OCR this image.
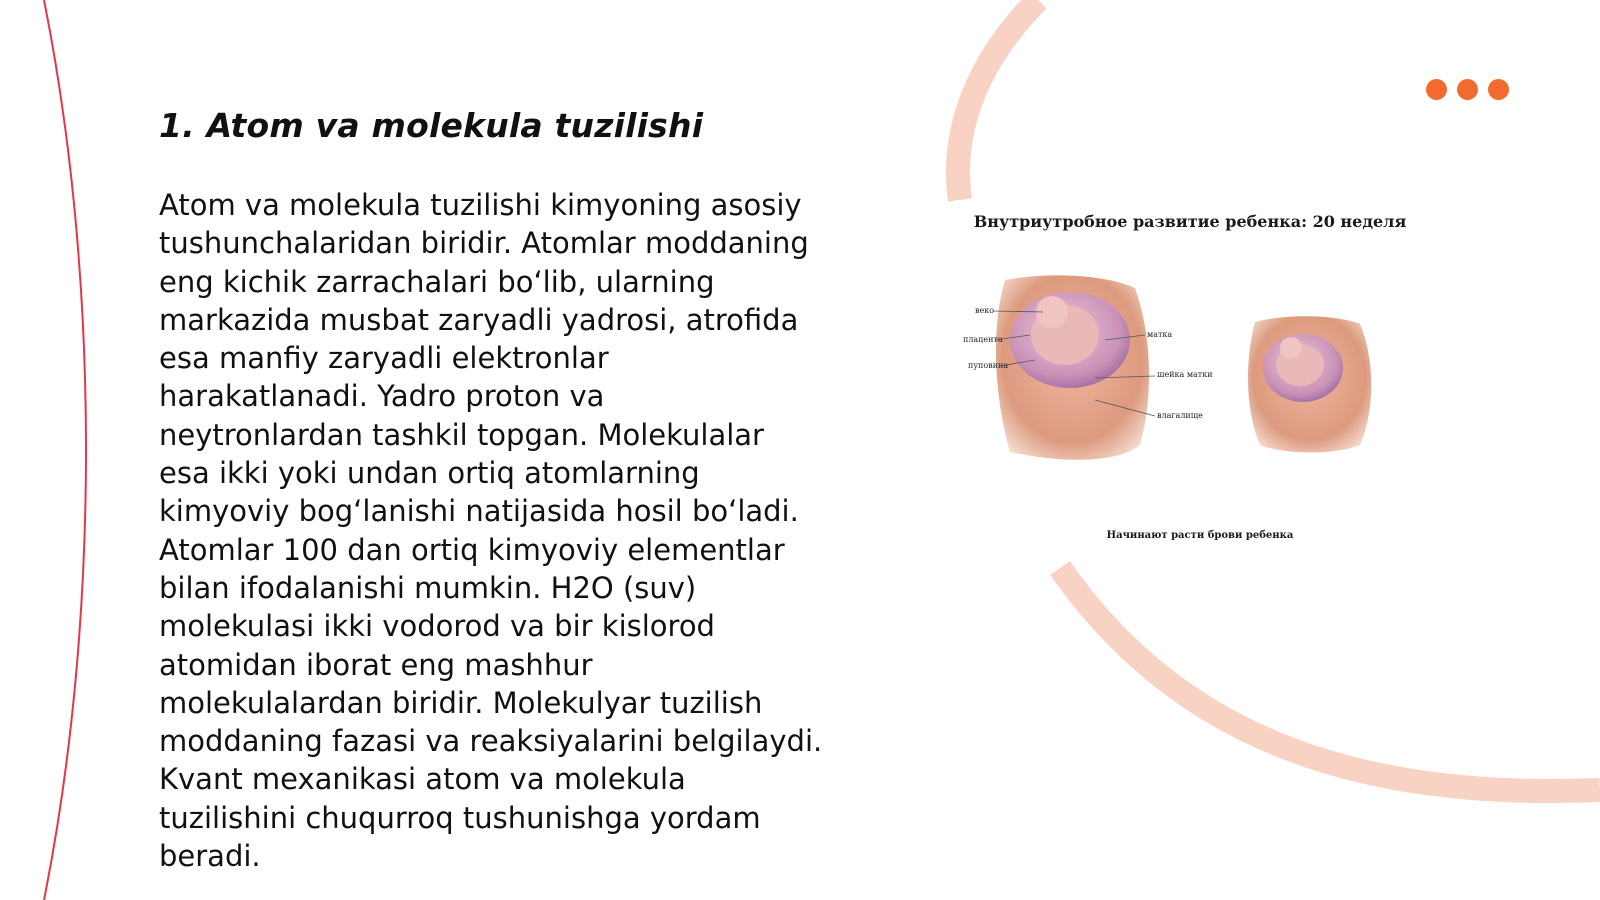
1. Atom va molekula tuzilishi

Atom va molekula tuzilishi kimyoning asosiy
tushunchalaridan biridir. Atomlar moddaning
eng kichik zarrachalari boʻlib, ularning
markazida musbat zaryadli yadrosi, atrofida
esa manfiy zaryadli elektronlar
harakatlanadi. Yadro proton va
neytronlardan tashkil topgan. Molekulalar
esa ikki yoki undan ortiq atomlarning
kimyoviy bogʻlanishi natijasida hosil boʻladi.
Atomlar 100 dan ortiq kimyoviy elementlar
bilan ifodalanishi mumkin. H2O (suv)
molekulasi ikki vodorod va bir kislorod
atomidan iborat eng mashhur
molekulalardan biridir. Molekulyar tuzilish
moddaning fazasi va reaksiyalarini belgilaydi.
Kvant mexanikasi atom va molekula
tuzilishini chuqurroq tushunishga yordam
beradi.

Внутриутробное развитие ребенка: 20 неделя
веко
плацента
пуповина
матка
шейка матки
влагалище
Начинают расти брови ребенка
